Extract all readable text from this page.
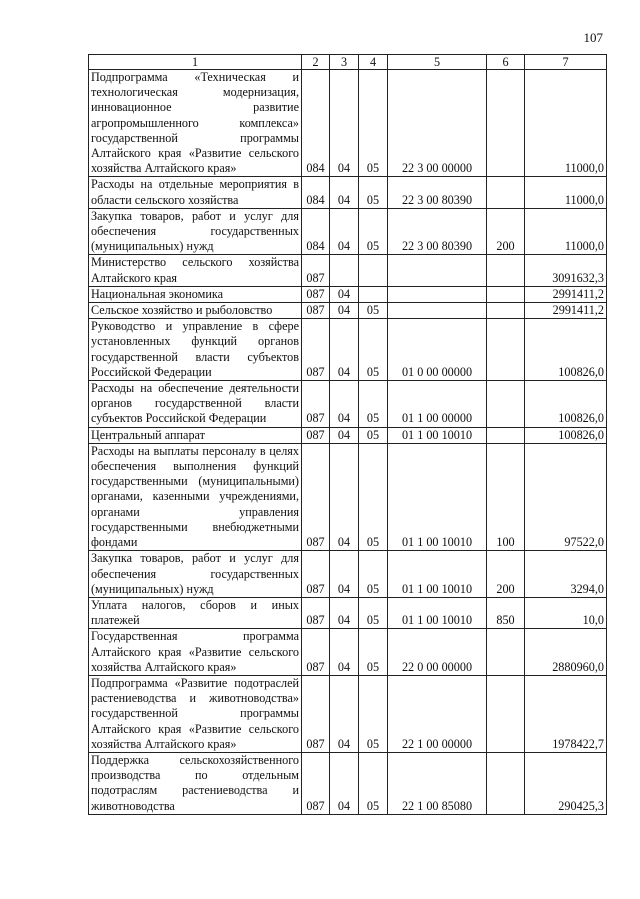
107
1	2	3	4	5	6	7
Подпрограмма «Техническая и технологическая модернизация, инновационное развитие агропромышленного комплекса» государственной программы Алтайского края «Развитие сельского хозяйства Алтайского края»	084	04	05	22 3 00 00000		11000,0
Расходы на отдельные мероприятия в области сельского хозяйства	084	04	05	22 3 00 80390		11000,0
Закупка товаров, работ и услуг для обеспечения государственных (муниципальных) нужд	084	04	05	22 3 00 80390	200	11000,0
Министерство сельского хозяйства Алтайского края	087					3091632,3
Национальная экономика	087	04				2991411,2
Сельское хозяйство и рыболовство	087	04	05			2991411,2
Руководство и управление в сфере установленных функций органов государственной власти субъектов Российской Федерации	087	04	05	01 0 00 00000		100826,0
Расходы на обеспечение деятельности органов государственной власти субъектов Российской Федерации	087	04	05	01 1 00 00000		100826,0
Центральный аппарат	087	04	05	01 1 00 10010		100826,0
Расходы на выплаты персоналу в целях обеспечения выполнения функций государственными (муниципальными) органами, казенными учреждениями, органами управления государственными внебюджетными фондами	087	04	05	01 1 00 10010	100	97522,0
Закупка товаров, работ и услуг для обеспечения государственных (муниципальных) нужд	087	04	05	01 1 00 10010	200	3294,0
Уплата налогов, сборов и иных платежей	087	04	05	01 1 00 10010	850	10,0
Государственная программа Алтайского края «Развитие сельского хозяйства Алтайского края»	087	04	05	22 0 00 00000		2880960,0
Подпрограмма «Развитие подотраслей растениеводства и животноводства» государственной программы Алтайского края «Развитие сельского хозяйства Алтайского края»	087	04	05	22 1 00 00000		1978422,7
Поддержка сельскохозяйственного производства по отдельным подотраслям растениеводства и животноводства	087	04	05	22 1 00 85080		290425,3
